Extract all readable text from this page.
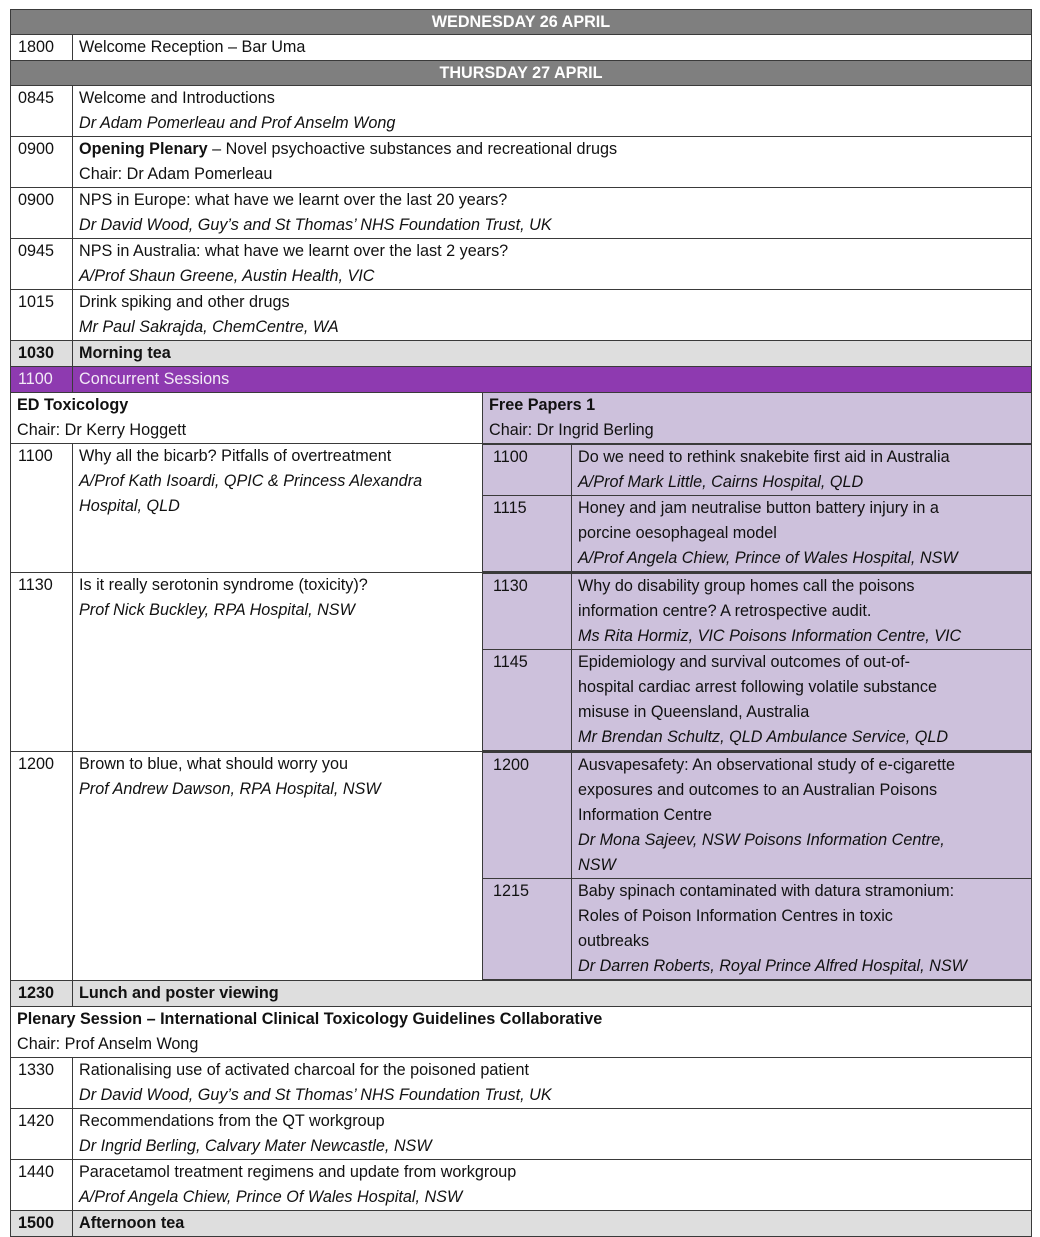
WEDNESDAY 26 APRIL
1800	Welcome Reception – Bar Uma
THURSDAY 27 APRIL
0845	Welcome and Introductions
Dr Adam Pomerleau and Prof Anselm Wong

0900	Opening Plenary – Novel psychoactive substances and recreational drugs
Chair: Dr Adam Pomerleau

0900	NPS in Europe: what have we learnt over the last 20 years?
Dr David Wood, Guy’s and St Thomas’ NHS Foundation Trust, UK

0945	NPS in Australia: what have we learnt over the last 2 years?
A/Prof Shaun Greene, Austin Health, VIC

1015	Drink spiking and other drugs
Mr Paul Sakrajda, ChemCentre, WA

1030	Morning tea
1100	Concurrent Sessions

ED Toxicology
Chair: Dr Kerry Hoggett

Free Papers 1
Chair: Dr Ingrid Berling

1100	Why all the bicarb? Pitfalls of overtreatment
A/Prof Kath Isoardi, QPIC & Princess Alexandra
Hospital, QLD

1100	Do we need to rethink snakebite first aid in Australia
A/Prof Mark Little, Cairns Hospital, QLD

1115	Honey and jam neutralise button battery injury in a
porcine oesophageal model
A/Prof Angela Chiew, Prince of Wales Hospital, NSW

1130	Is it really serotonin syndrome (toxicity)?
Prof Nick Buckley, RPA Hospital, NSW

1130	Why do disability group homes call the poisons
information centre? A retrospective audit.
Ms Rita Hormiz, VIC Poisons Information Centre, VIC

1145	Epidemiology and survival outcomes of out-of-
hospital cardiac arrest following volatile substance
misuse in Queensland, Australia
Mr Brendan Schultz, QLD Ambulance Service, QLD

1200	Brown to blue, what should worry you
Prof Andrew Dawson, RPA Hospital, NSW

1200	Ausvapesafety: An observational study of e-cigarette
exposures and outcomes to an Australian Poisons
Information Centre
Dr Mona Sajeev, NSW Poisons Information Centre,
NSW

1215	Baby spinach contaminated with datura stramonium:
Roles of Poison Information Centres in toxic
outbreaks
Dr Darren Roberts, Royal Prince Alfred Hospital, NSW

1230	Lunch and poster viewing

Plenary Session – International Clinical Toxicology Guidelines Collaborative
Chair: Prof Anselm Wong

1330	Rationalising use of activated charcoal for the poisoned patient
Dr David Wood, Guy’s and St Thomas’ NHS Foundation Trust, UK

1420	Recommendations from the QT workgroup
Dr Ingrid Berling, Calvary Mater Newcastle, NSW

1440	Paracetamol treatment regimens and update from workgroup
A/Prof Angela Chiew, Prince Of Wales Hospital, NSW

1500	Afternoon tea
